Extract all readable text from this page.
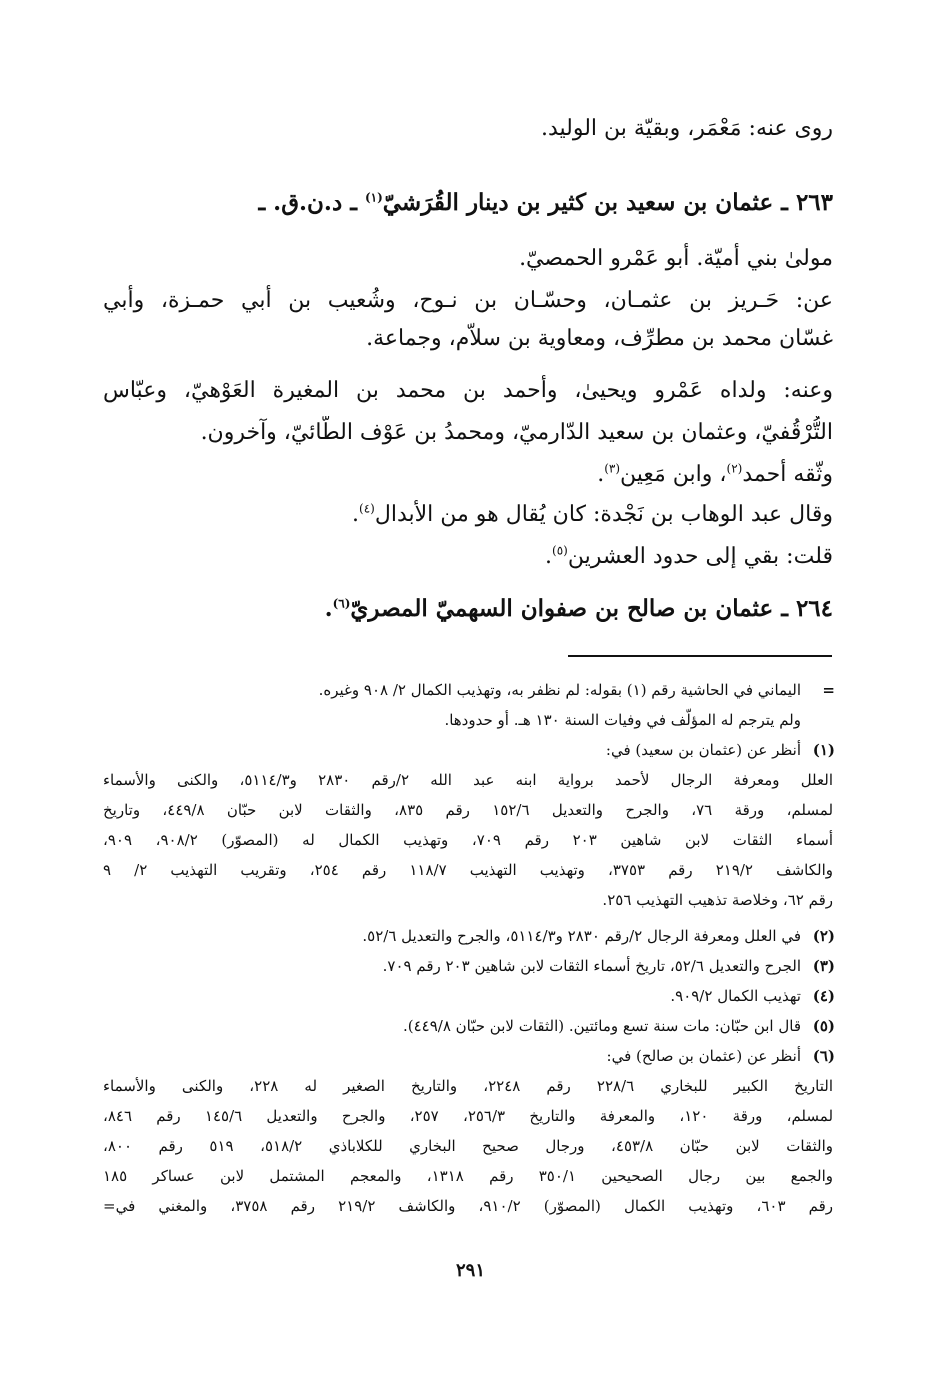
روى عنه: مَعْمَر، وبقيّة بن الوليد.
٢٦٣ ـ عثمان بن سعيد بن كثير بن دينار القُرَشيّ$^{(١)}$ ـ د.ن.ق. ـ
مولىٰ بني أميّة. أبو عَمْرو الحمصيّ.
عن: حَـريز بن عثمـان، وحسّـان بن نـوح، وشُعيب بن أبي حمـزة، وأبي
غسّان محمد بن مطرِّف، ومعاوية بن سلاّم، وجماعة.
وعنه: ولداه عَمْرو ويحيىٰ، وأحمد بن محمد بن المغيرة العَوْهيّ، وعبّاس
التُّرْقُفيّ، وعثمان بن سعيد الدّارميّ، ومحمدُ بن عَوْف الطّائيّ، وآخرون.
وثّقه أحمد$^{(٢)}$، وابن مَعِين$^{(٣)}$.
وقال عبد الوهاب بن نَجْدة: كان يُقال هو من الأبدال$^{(٤)}$.
قلت: بقي إلى حدود العشرين$^{(٥)}$.
٢٦٤ ـ عثمان بن صالح بن صفوان السهميّ المصريّ$^{(٦)}$.
=
اليماني في الحاشية رقم (١) بقوله: لم نظفر به، وتهذيب الكمال ٢/ ٩٠٨ وغيره.
ولم يترجم له المؤلّف في وفيات السنة ١٣٠ هـ. أو حدودها.
(١)
أنظر عن (عثمان بن سعيد) في:
العلل ومعرفة الرجال لأحمد برواية ابنه عبد الله ٢/رقم ٢٨٣٠ و٥١١٤/٣، والكنى والأسماء
لمسلم، ورقة ٧٦، والجرح والتعديل ١٥٢/٦ رقم ٨٣٥، والثقات لابن حبّان ٤٤٩/٨، وتاريخ
أسماء الثقات لابن شاهين ٢٠٣ رقم ٧٠٩، وتهذيب الكمال له (المصوّر) ٩٠٨/٢، ٩٠٩،
والكاشف ٢١٩/٢ رقم ٣٧٥٣، وتهذيب التهذيب ١١٨/٧ رقم ٢٥٤، وتقريب التهذيب ٢/ ٩
رقم ٦٢، وخلاصة تذهيب التهذيب ٢٥٦.
(٢)
في العلل ومعرفة الرجال ٢/رقم ٢٨٣٠ و٥١١٤/٣، والجرح والتعديل ٥٢/٦.
(٣)
الجرح والتعديل ٥٢/٦، تاريخ أسماء الثقات لابن شاهين ٢٠٣ رقم ٧٠٩.
(٤)
تهذيب الكمال ٩٠٩/٢.
(٥)
قال ابن حبّان: مات سنة تسع ومائتين. (الثقات لابن حبّان ٤٤٩/٨).
(٦)
أنظر عن (عثمان بن صالح) في:
التاريخ الكبير للبخاري ٢٢٨/٦ رقم ٢٢٤٨، والتاريخ الصغير له ٢٢٨، والكنى والأسماء
لمسلم، ورقة ١٢٠، والمعرفة والتاريخ ٢٥٦/٣، ٢٥٧، والجرح والتعديل ١٤٥/٦ رقم ٨٤٦،
والثقات لابن حبّان ٤٥٣/٨، ورجال صحيح البخاري للكلاباذي ٥١٨/٢، ٥١٩ رقم ٨٠٠،
والجمع بين رجال الصحيحين ٣٥٠/١ رقم ١٣١٨، والمعجم المشتمل لابن عساكر ١٨٥
رقم ٦٠٣، وتهذيب الكمال (المصوّر) ٩١٠/٢، والكاشف ٢١٩/٢ رقم ٣٧٥٨، والمغني في=
٢٩١
